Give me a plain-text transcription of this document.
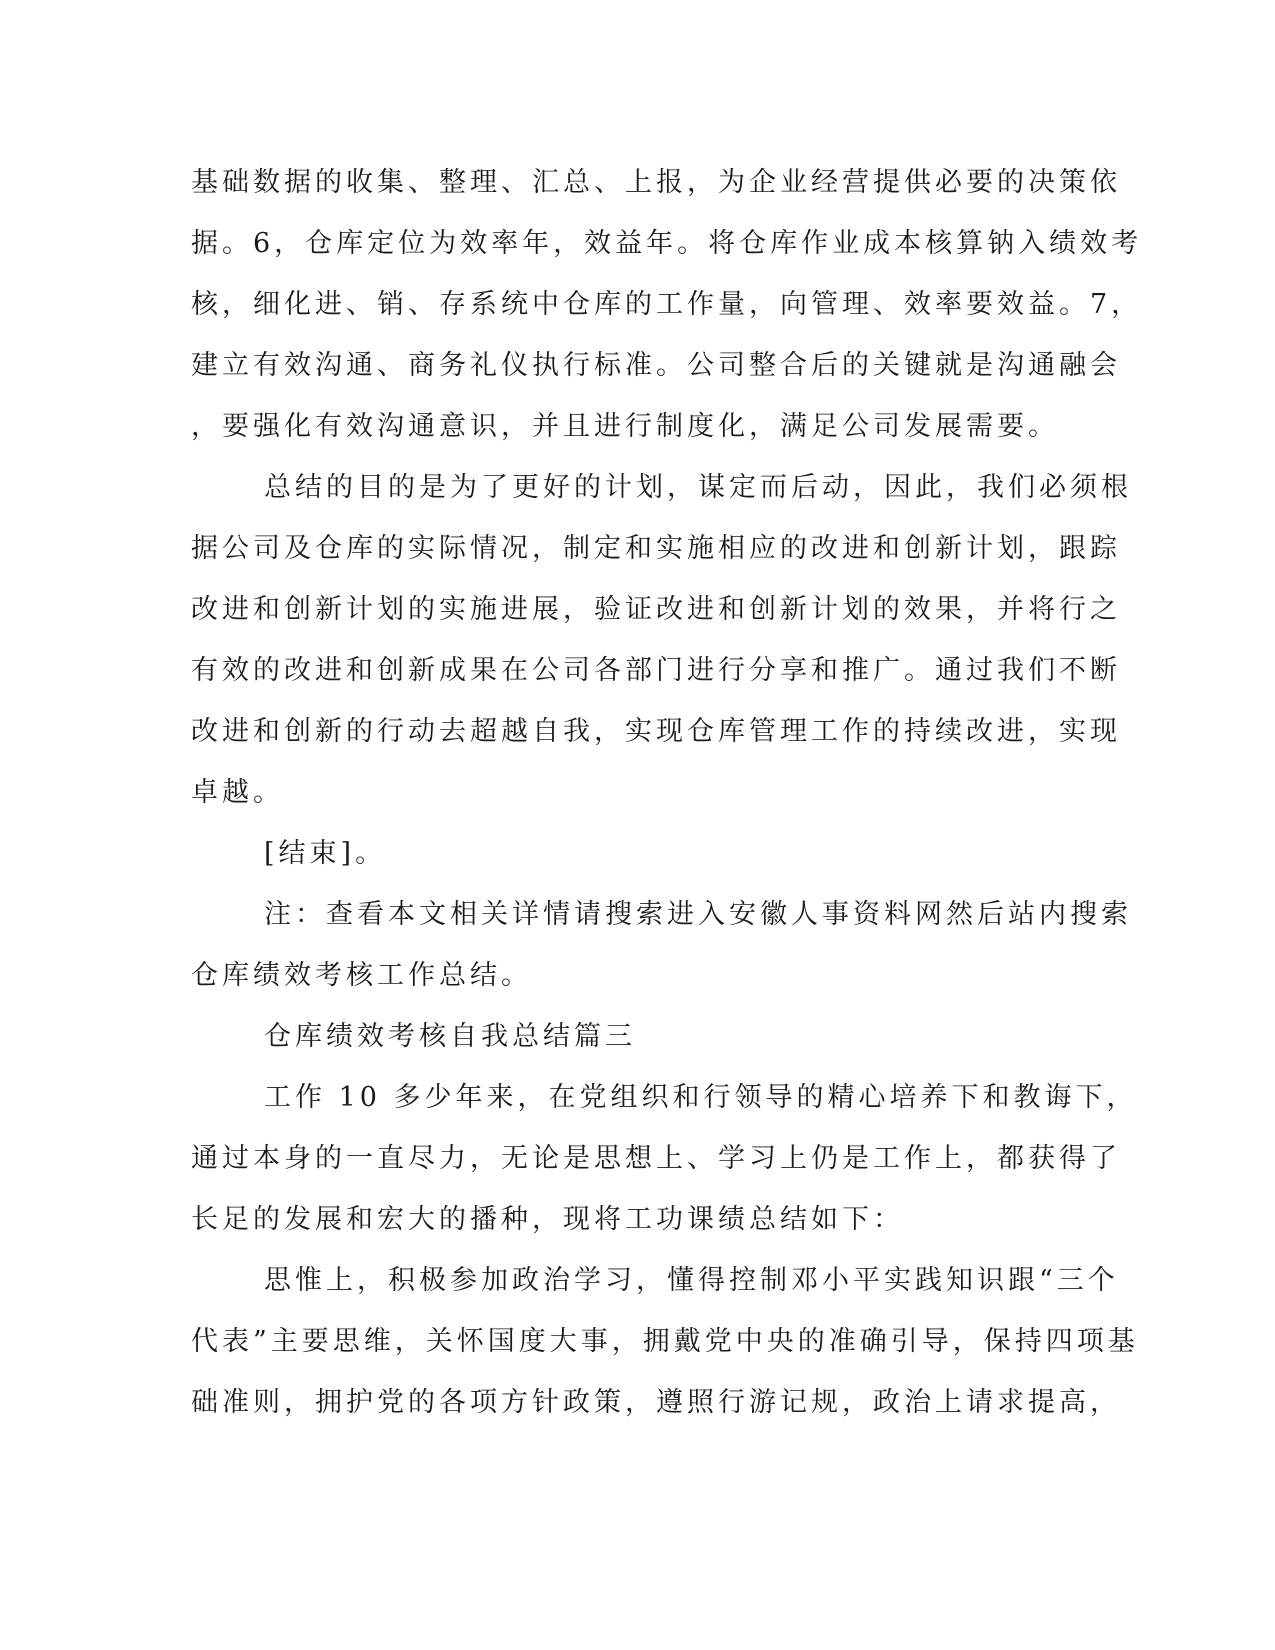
基础数据的收集、整理、汇总、上报，为企业经营提供必要的决策依
据。6，仓库定位为效率年，效益年。将仓库作业成本核算钠入绩效考
核，细化进、销、存系统中仓库的工作量，向管理、效率要效益。7，
建立有效沟通、商务礼仪执行标准。公司整合后的关键就是沟通融会
，要强化有效沟通意识，并且进行制度化，满足公司发展需要。
总结的目的是为了更好的计划，谋定而后动，因此，我们必须根
据公司及仓库的实际情况，制定和实施相应的改进和创新计划，跟踪
改进和创新计划的实施进展，验证改进和创新计划的效果，并将行之
有效的改进和创新成果在公司各部门进行分享和推广。通过我们不断
改进和创新的行动去超越自我，实现仓库管理工作的持续改进，实现
卓越。
[结束]。
注：查看本文相关详情请搜索进入安徽人事资料网然后站内搜索
仓库绩效考核工作总结。
仓库绩效考核自我总结篇三
工作 10 多少年来，在党组织和行领导的精心培养下和教诲下，
通过本身的一直尽力，无论是思想上、学习上仍是工作上，都获得了
长足的发展和宏大的播种，现将工功课绩总结如下：
思惟上，积极参加政治学习，懂得控制邓小平实践知识跟“三个
代表”主要思维，关怀国度大事，拥戴党中央的准确引导，保持四项基
础准则，拥护党的各项方针政策，遵照行游记规，政治上请求提高，
